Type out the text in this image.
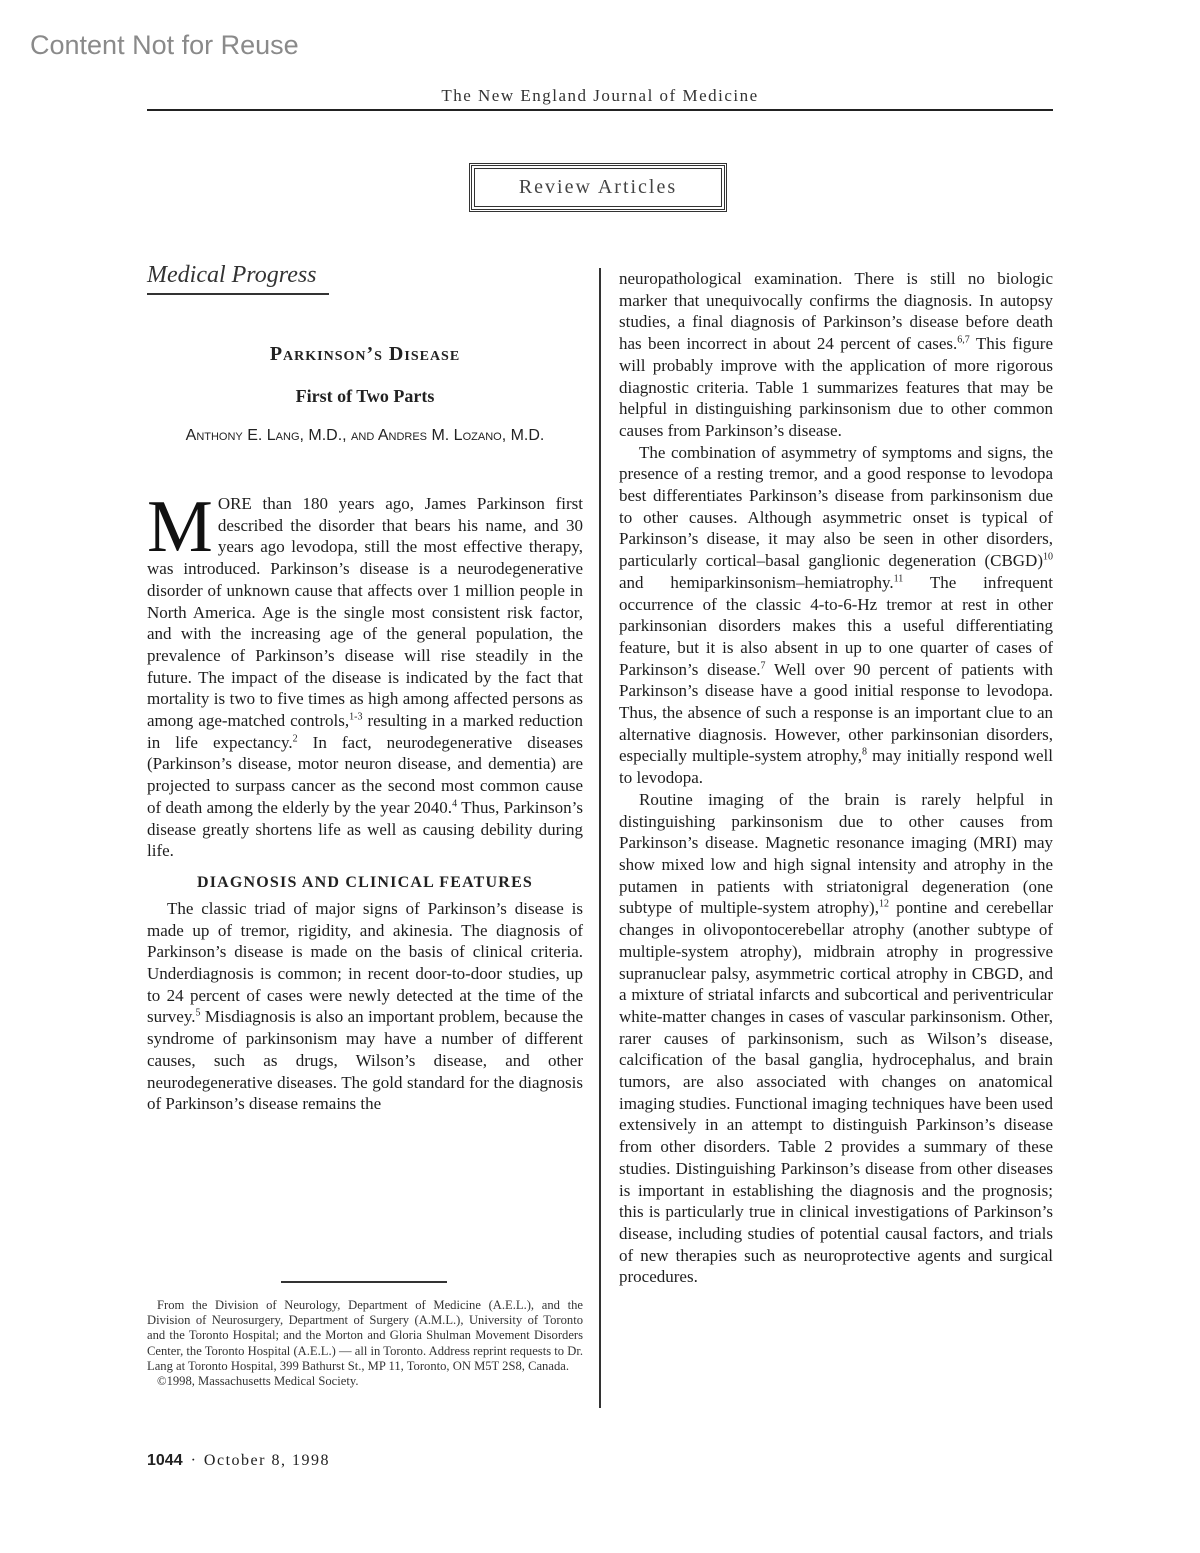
Content Not for Reuse
The New England Journal of Medicine
Review Articles
Medical Progress
Parkinson’s Disease
First of Two Parts
Anthony E. Lang, M.D., and Andres M. Lozano, M.D.

MORE than 180 years ago, James Parkinson first described the disorder that bears his name, and 30 years ago levodopa, still the most effective therapy, was introduced. Parkinson’s disease is a neurodegenerative disorder of unknown cause that affects over 1 million people in North America. Age is the single most consistent risk factor, and with the increasing age of the general population, the prevalence of Parkinson’s disease will rise steadily in the future. The impact of the disease is indicated by the fact that mortality is two to five times as high among affected persons as among age-matched controls,$^{1-3}$ resulting in a marked reduction in life expectancy.$^2$ In fact, neurodegenerative diseases (Parkinson’s disease, motor neuron disease, and dementia) are projected to surpass cancer as the second most common cause of death among the elderly by the year 2040.$^4$ Thus, Parkinson’s disease greatly shortens life as well as causing debility during life.

DIAGNOSIS AND CLINICAL FEATURES

The classic triad of major signs of Parkinson’s disease is made up of tremor, rigidity, and akinesia. The diagnosis of Parkinson’s disease is made on the basis of clinical criteria. Underdiagnosis is common; in recent door-to-door studies, up to 24 percent of cases were newly detected at the time of the survey.$^5$ Misdiagnosis is also an important problem, because the syndrome of parkinsonism may have a number of different causes, such as drugs, Wilson’s disease, and other neurodegenerative diseases. The gold standard for the diagnosis of Parkinson’s disease remains the

neuropathological examination. There is still no biologic marker that unequivocally confirms the diagnosis. In autopsy studies, a final diagnosis of Parkinson’s disease before death has been incorrect in about 24 percent of cases.$^{6,7}$ This figure will probably improve with the application of more rigorous diagnostic criteria. Table 1 summarizes features that may be helpful in distinguishing parkinsonism due to other common causes from Parkinson’s disease.

The combination of asymmetry of symptoms and signs, the presence of a resting tremor, and a good response to levodopa best differentiates Parkinson’s disease from parkinsonism due to other causes. Although asymmetric onset is typical of Parkinson’s disease, it may also be seen in other disorders, particularly cortical–basal ganglionic degeneration (CBGD)$^{10}$ and hemiparkinsonism–hemiatrophy.$^{11}$ The infrequent occurrence of the classic 4-to-6-Hz tremor at rest in other parkinsonian disorders makes this a useful differentiating feature, but it is also absent in up to one quarter of cases of Parkinson’s disease.$^7$ Well over 90 percent of patients with Parkinson’s disease have a good initial response to levodopa. Thus, the absence of such a response is an important clue to an alternative diagnosis. However, other parkinsonian disorders, especially multiple-system atrophy,$^8$ may initially respond well to levodopa.

Routine imaging of the brain is rarely helpful in distinguishing parkinsonism due to other causes from Parkinson’s disease. Magnetic resonance imaging (MRI) may show mixed low and high signal intensity and atrophy in the putamen in patients with striatonigral degeneration (one subtype of multiple-system atrophy),$^{12}$ pontine and cerebellar changes in olivopontocerebellar atrophy (another subtype of multiple-system atrophy), midbrain atrophy in progressive supranuclear palsy, asymmetric cortical atrophy in CBGD, and a mixture of striatal infarcts and subcortical and periventricular white-matter changes in cases of vascular parkinsonism. Other, rarer causes of parkinsonism, such as Wilson’s disease, calcification of the basal ganglia, hydrocephalus, and brain tumors, are also associated with changes on anatomical imaging studies. Functional imaging techniques have been used extensively in an attempt to distinguish Parkinson’s disease from other disorders. Table 2 provides a summary of these studies. Distinguishing Parkinson’s disease from other diseases is important in establishing the diagnosis and the prognosis; this is particularly true in clinical investigations of Parkinson’s disease, including studies of potential causal factors, and trials of new therapies such as neuroprotective agents and surgical procedures.

From the Division of Neurology, Department of Medicine (A.E.L.), and the Division of Neurosurgery, Department of Surgery (A.M.L.), University of Toronto and the Toronto Hospital; and the Morton and Gloria Shulman Movement Disorders Center, the Toronto Hospital (A.E.L.) — all in Toronto. Address reprint requests to Dr. Lang at Toronto Hospital, 399 Bathurst St., MP 11, Toronto, ON M5T 2S8, Canada.

©1998, Massachusetts Medical Society.

1044 · October 8, 1998
